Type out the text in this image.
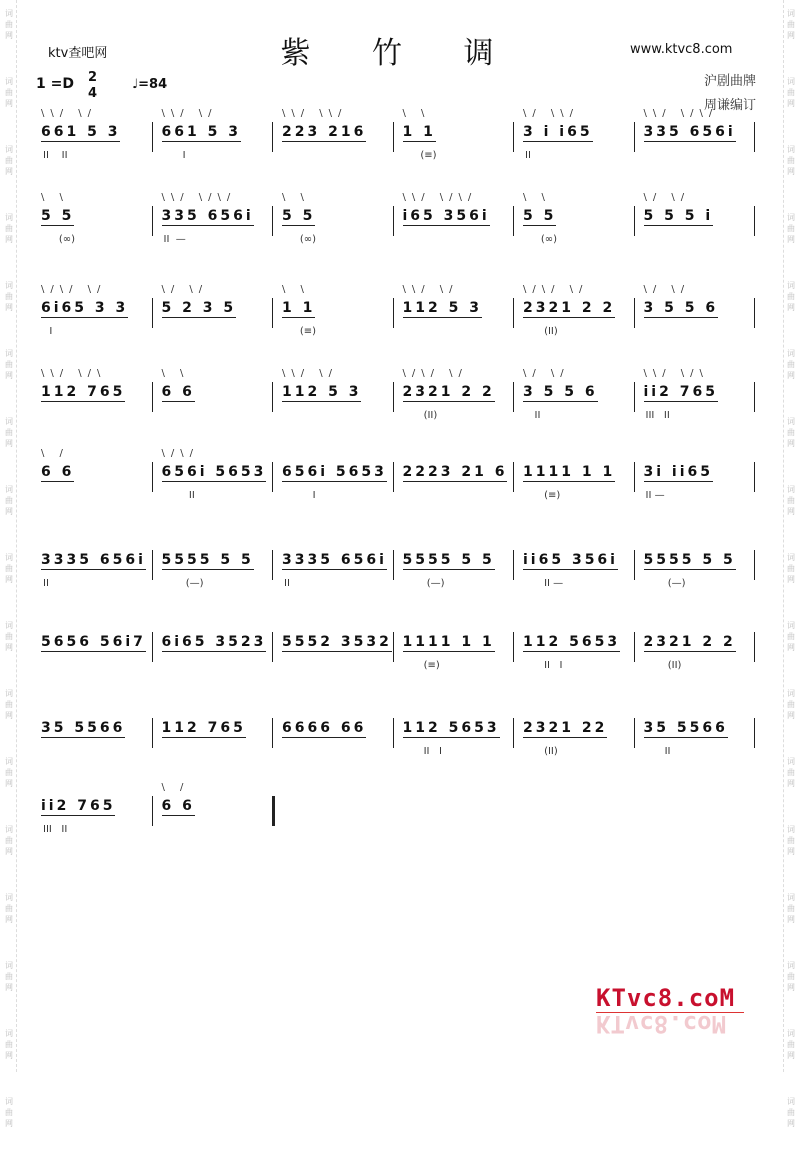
词
曲
网
词
曲
网
词
曲
网
词
曲
网
词
曲
网
词
曲
网
词
曲
网
词
曲
网
词
曲
网
词
曲
网
词
曲
网
词
曲
网
词
曲
网
词
曲
网
词
曲
网
词
曲
网
词
曲
网
词
曲
网
词
曲
网
词
曲
网
词
曲
网
词
曲
网
词
曲
网
词
曲
网
词
曲
网
词
曲
网
词
曲
网
词
曲
网
词
曲
网
词
曲
网
词
曲
网
词
曲
网
词
曲
网
词
曲
网
ktv查吧网	紫 竹 调	www.ktvc8.com
1 =D 2
4
♩=84	沪剧曲牌
周谦编订
\\/ \/
661 5 3
II    II
\\/ \/
661 5 3
I
\\/ \\/
223 216
\ \
1 1
(≡)
\/ \\/
3 i i65
II
\\/ \/\/
335 656i
\ \
5 5
(∞)
\\/ \/\/
335 656i
II  —
\ \
5 5
(∞)
\\/ \/\/
i65 356i
\ \
5 5
(∞)
\/ \/
5 5 5 i
\/\/ \/
6i65 3 3
I
\/ \/
5 2 3 5
\ \
1 1
(≡)
\\/ \/
112 5 3
\/\/ \/
2321 2 2
(II)
\/ \/
3 5 5 6
\\/ \/\
112 765
\ \
6 6
\\/ \/
112 5 3
\/\/ \/
2321 2 2
(II)
\/ \/
3 5 5 6
II
\\/ \/\
ii2 765
III   II
\ /
6 6
\/\/
656i 5653
II
656i 5653
I
2223 21 6 1111 1 1
(≡)
3i ii65
II —
3335 656i
II
5555 5 5
(—)
3335 656i
II
5555 5 5
(—)
ii65 356i
II —
5555 5 5
(—)
5656 56i7 6i65 3523 5552 3532 1111 1 1
(≡)
112 5653
II   I
2321 2 2
(II)
35 5566	112 765	6666 66	112 5653
II   I
2321 22
(II)
35 5566
II
ii2 765
III   II
\ /
6 6
KTvc8.coM
KTvc8.coM
